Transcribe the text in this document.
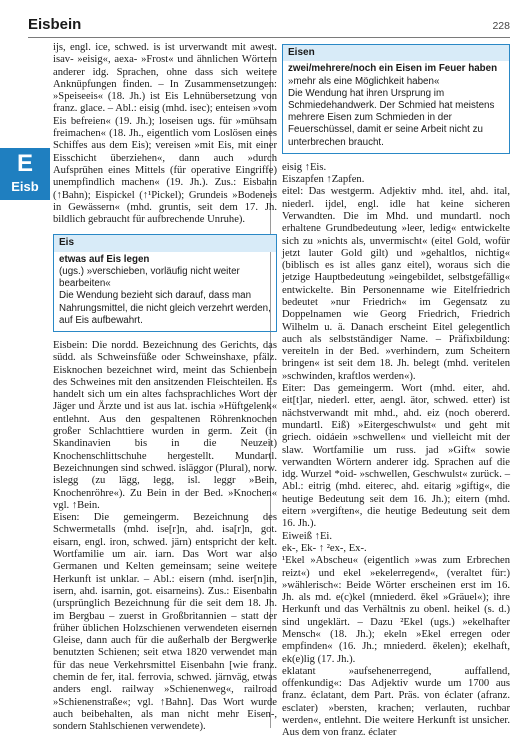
Eisbein	228
E
Eisb

ijs, engl. ice, schwed. is ist urverwandt mit awest. isav- »eisig«, aexa- »Frost« und ähnlichen Wörtern anderer idg. Sprachen, ohne dass sich weitere Anknüpfungen finden. – In Zusammensetzungen: »Speiseeis« (18. Jh.) ist Eis Lehnübersetzung von franz. glace. – Abl.: eisig (mhd. isec); enteisen »vom Eis befreien« (19. Jh.); loseisen ugs. für »mühsam freimachen« (18. Jh., eigentlich vom Loslösen eines Schiffes aus dem Eis); vereisen »mit Eis, mit einer Eisschicht überziehen«, dann auch »durch Aufsprühen eines Mittels (für operative Eingriffe) unempfindlich machen« (19. Jh.). Zus.: Eisbahn (↑Bahn); Eispickel (↑¹Pickel); Grundeis »Bodeneis in Gewässern« (mhd. gruntis, seit dem 17. Jh. bildlich gebraucht für aufbrechende Unruhe).

Eis
etwas auf Eis legen
(ugs.) »verschieben, vorläufig nicht weiter bearbeiten«
Die Wendung bezieht sich darauf, dass man Nahrungsmittel, die nicht gleich verzehrt werden, auf Eis aufbewahrt.

Eisbein: Die nordd. Bezeichnung des Gerichts, das südd. als Schweinsfüße oder Schweinshaxe, pfälz. Eisknochen bezeichnet wird, meint das Schienbein des Schweines mit den ansitzenden Fleischteilen. Es handelt sich um ein altes fachsprachliches Wort der Jäger und Ärzte und ist aus lat. ischia »Hüftgelenk« entlehnt. Aus den gespaltenen Röhrenknochen großer Schlachttiere wurden in germ. Zeit (in Skandinavien bis in die Neuzeit) Knochenschlittschuhe hergestellt. Mundartl. Bezeichnungen sind schwed. isläggor (Plural), norw. islegg (zu lägg, legg, isl. leggr »Bein, Knochenröhre«). Zu Bein in der Bed. »Knochen« vgl. ↑Bein.

Eisen: Die gemeingerm. Bezeichnung des Schwermetalls (mhd. ise[r]n, ahd. isa[r]n, got. eisarn, engl. iron, schwed. järn) entspricht der kelt. Wortfamilie um air. iarn. Das Wort war also Germanen und Kelten gemeinsam; seine weitere Herkunft ist unklar. – Abl.: eisern (mhd. iser[n]in, isern, ahd. isarnin, got. eisarneins). Zus.: Eisenbahn (ursprünglich Bezeichnung für die seit dem 18. Jh. im Bergbau – zuerst in Großbritannien – statt der früher üblichen Holzschienen verwendeten eisernen Gleise, dann auch für die außerhalb der Bergwerke benutzten Schienen; seit etwa 1820 verwendet man für das neue Verkehrsmittel Eisenbahn [wie franz. chemin de fer, ital. ferrovia, schwed. järnväg, etwas anders engl. railway »Schienenweg«, railroad »Schienenstraße«; vgl. ↑Bahn]. Das Wort wurde auch beibehalten, als man nicht mehr Eisen-, sondern Stahlschienen verwendete).

Eisen
zwei/mehrere/noch ein Eisen im Feuer haben
»mehr als eine Möglichkeit haben«
Die Wendung hat ihren Ursprung im Schmiedehandwerk. Der Schmied hat meistens mehrere Eisen zum Schmieden in der Feuerschüssel, damit er seine Arbeit nicht zu unterbrechen braucht.

eisig ↑Eis.

Eiszapfen ↑Zapfen.

eitel: Das westgerm. Adjektiv mhd. itel, ahd. ital, niederl. ijdel, engl. idle hat keine sicheren Verwandten. Die im Mhd. und mundartl. noch erhaltene Grundbedeutung »leer, ledig« entwickelte sich zu »nichts als, unvermischt« (eitel Gold, wofür jetzt lauter Gold gilt) und »gehaltlos, nichtig« (biblisch es ist alles ganz eitel), woraus sich die jetzige Hauptbedeutung »eingebildet, selbstgefällig« entwickelte. Bin Personenname wie Eitelfriedrich bedeutet »nur Friedrich« im Gegensatz zu Doppelnamen wie Georg Friedrich, Friedrich Wilhelm u. ä. Danach erscheint Eitel gelegentlich auch als selbstständiger Name. – Präfixbildung: vereiteln in der Bed. »verhindern, zum Scheitern bringen« ist seit dem 18. Jh. belegt (mhd. veritelen »schwinden, kraftlos werden«).

Eiter: Das gemeingerm. Wort (mhd. eiter, ahd. eit[t]ar, niederl. etter, aengl. ätor, schwed. etter) ist nächstverwandt mit mhd., ahd. eiz (noch obererd. mundartl. Eiß) »Eitergeschwulst« und geht mit griech. oidáein »schwellen« und vielleicht mit der slaw. Wortfamilie um russ. jad »Gift« sowie verwandten Wörtern anderer idg. Sprachen auf die idg. Wurzel *oid- »schwellen, Geschwulst« zurück. – Abl.: eitrig (mhd. eiterec, ahd. eitarig »giftig«, die heutige Bedeutung seit dem 16. Jh.); eitern (mhd. eitern »vergiften«, die heutige Bedeutung seit dem 16. Jh.).

Eiweiß ↑Ei.

ek-, Ek- ↑ ²ex-, Ex-.

¹Ekel »Abscheu« (eigentlich »was zum Erbrechen reizt«) und ekel »ekelerregend«, (veraltet für:) »wählerisch«: Beide Wörter erscheinen erst im 16. Jh. als md. e(c)kel (mniederd. ēkel »Gräuel«); ihre Herkunft und das Verhältnis zu obenl. heikel (s. d.) sind ungeklärt. – Dazu ²Ekel (ugs.) »ekelhafter Mensch« (18. Jh.); ekeln »Ekel erregen oder empfinden« (16. Jh.; mniederd. ēkelen); ekelhaft, ek(e)lig (17. Jh.).

eklatant »aufsehenerregend, auffallend, offenkundig«: Das Adjektiv wurde um 1700 aus franz. éclatant, dem Part. Präs. von éclater (afranz. esclater) »bersten, krachen; verlauten, ruchbar werden«, entlehnt. Die weitere Herkunft ist unsicher. Aus dem von franz. éclater
